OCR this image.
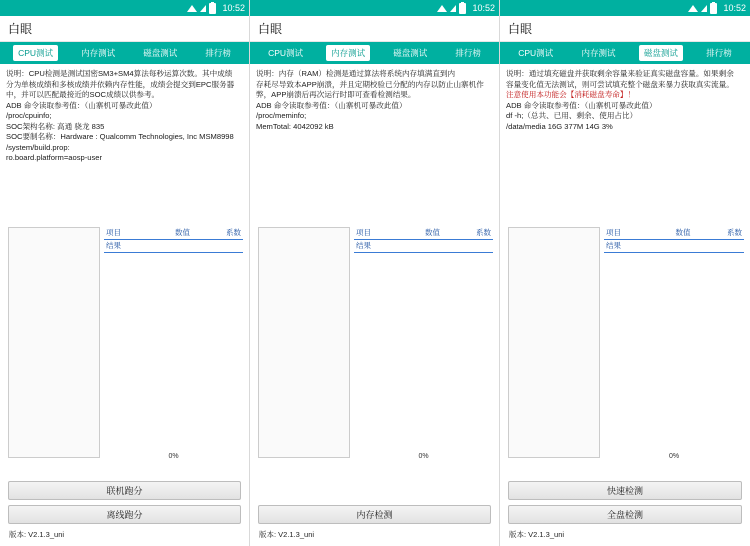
10:52
白眼
CPU测试	内存测试	磁盘测试	排行榜
说明：CPU检测是测试国密SM3+SM4算法每秒运算次数。其中成绩
分为单核成绩和多核成绩并依赖内存性能，成绩会提交到EPC服务器
中，并可以匹配最接近的SOC成绩以供参考。
ADB 命令读取参考值：（山寨机可暴改此值）
/proc/cpuinfo;
SOC架构名称: 高通 骁龙 835
SOC要制名称：Hardware : Qualcomm Technologies, Inc MSM8998
/system/build.prop:
ro.board.platform=aosp-user
项目	数值	系数
结果
0%
联机跑分
离线跑分
版本: V2.1.3_uni
10:52
白眼
CPU测试	内存测试	磁盘测试	排行榜
说明：内存（RAM）检测是通过算法将系统内存填满直到内
存耗尽导致本APP崩溃，并且定期校验已分配的内存以防止山寨机作
弊，APP崩溃后再次运行时即可查看检测结果。
ADB 命令读取参考值：（山寨机可暴改此值）
/proc/meminfo;
MemTotal: 4042092 kB
项目	数值	系数
结果
0%
内存检测
版本: V2.1.3_uni
10:52
白眼
CPU测试	内存测试	磁盘测试	排行榜
说明：通过填充磁盘并获取剩余容量来验证真实磁盘容量。如果剩余
容量变化值无法测试，则可尝试填充整个磁盘来暴力获取真实流量。
注意使用本功能会【消耗磁盘寿命】！
ADB 命令读取参考值：（山寨机可暴改此值）
df -h;（总共、已用、剩余、使用占比）
/data/media 16G 377M 14G 3%
项目	数值	系数
结果
0%
快速检测
全盘检测
版本: V2.1.3_uni
